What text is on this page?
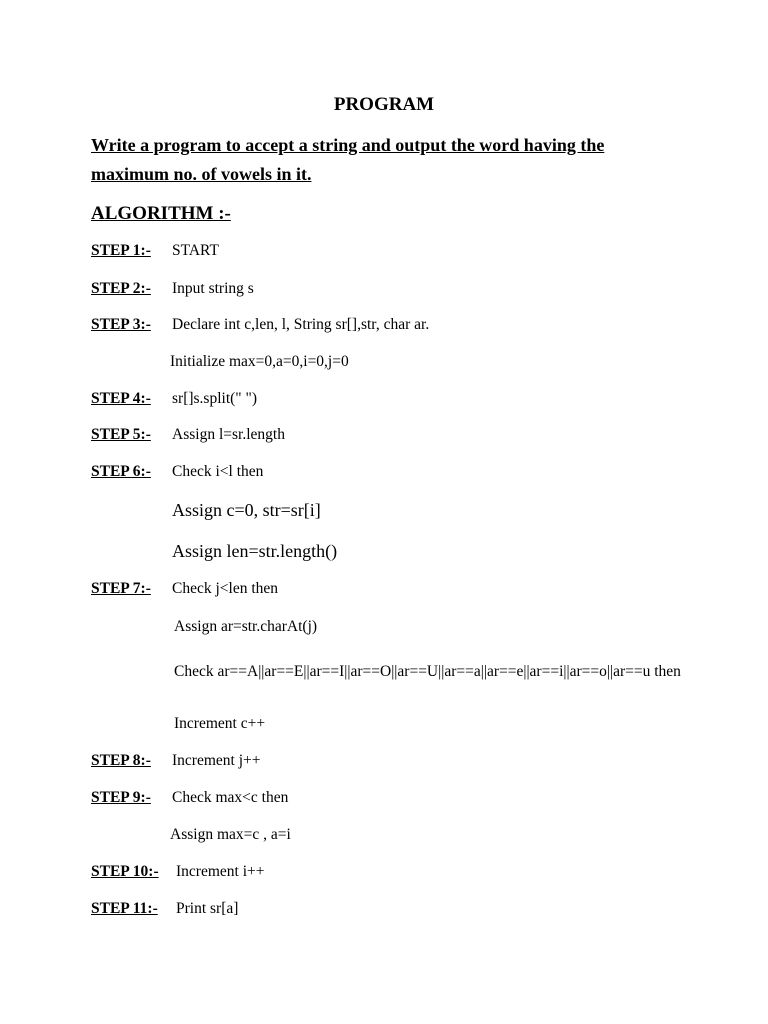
PROGRAM
Write a program to accept a string and output the word having the
maximum no. of vowels in it.
ALGORITHM :-
STEP 1:- START
STEP 2:- Input string s
STEP 3:- Declare int c,len, l, String sr[],str, char ar.
Initialize max=0,a=0,i=0,j=0
STEP 4:- sr[]s.split(" ")
STEP 5:- Assign l=sr.length
STEP 6:- Check i<l then
Assign c=0, str=sr[i]
Assign len=str.length()
STEP 7:- Check j<len then
Assign ar=str.charAt(j)
Check ar==A||ar==E||ar==I||ar==O||ar==U||ar==a||ar==e||ar==i||ar==o||ar==u then
Increment c++
STEP 8:- Increment j++
STEP 9:- Check max<c then
Assign max=c , a=i
STEP 10:- Increment i++
STEP 11:- Print sr[a]
